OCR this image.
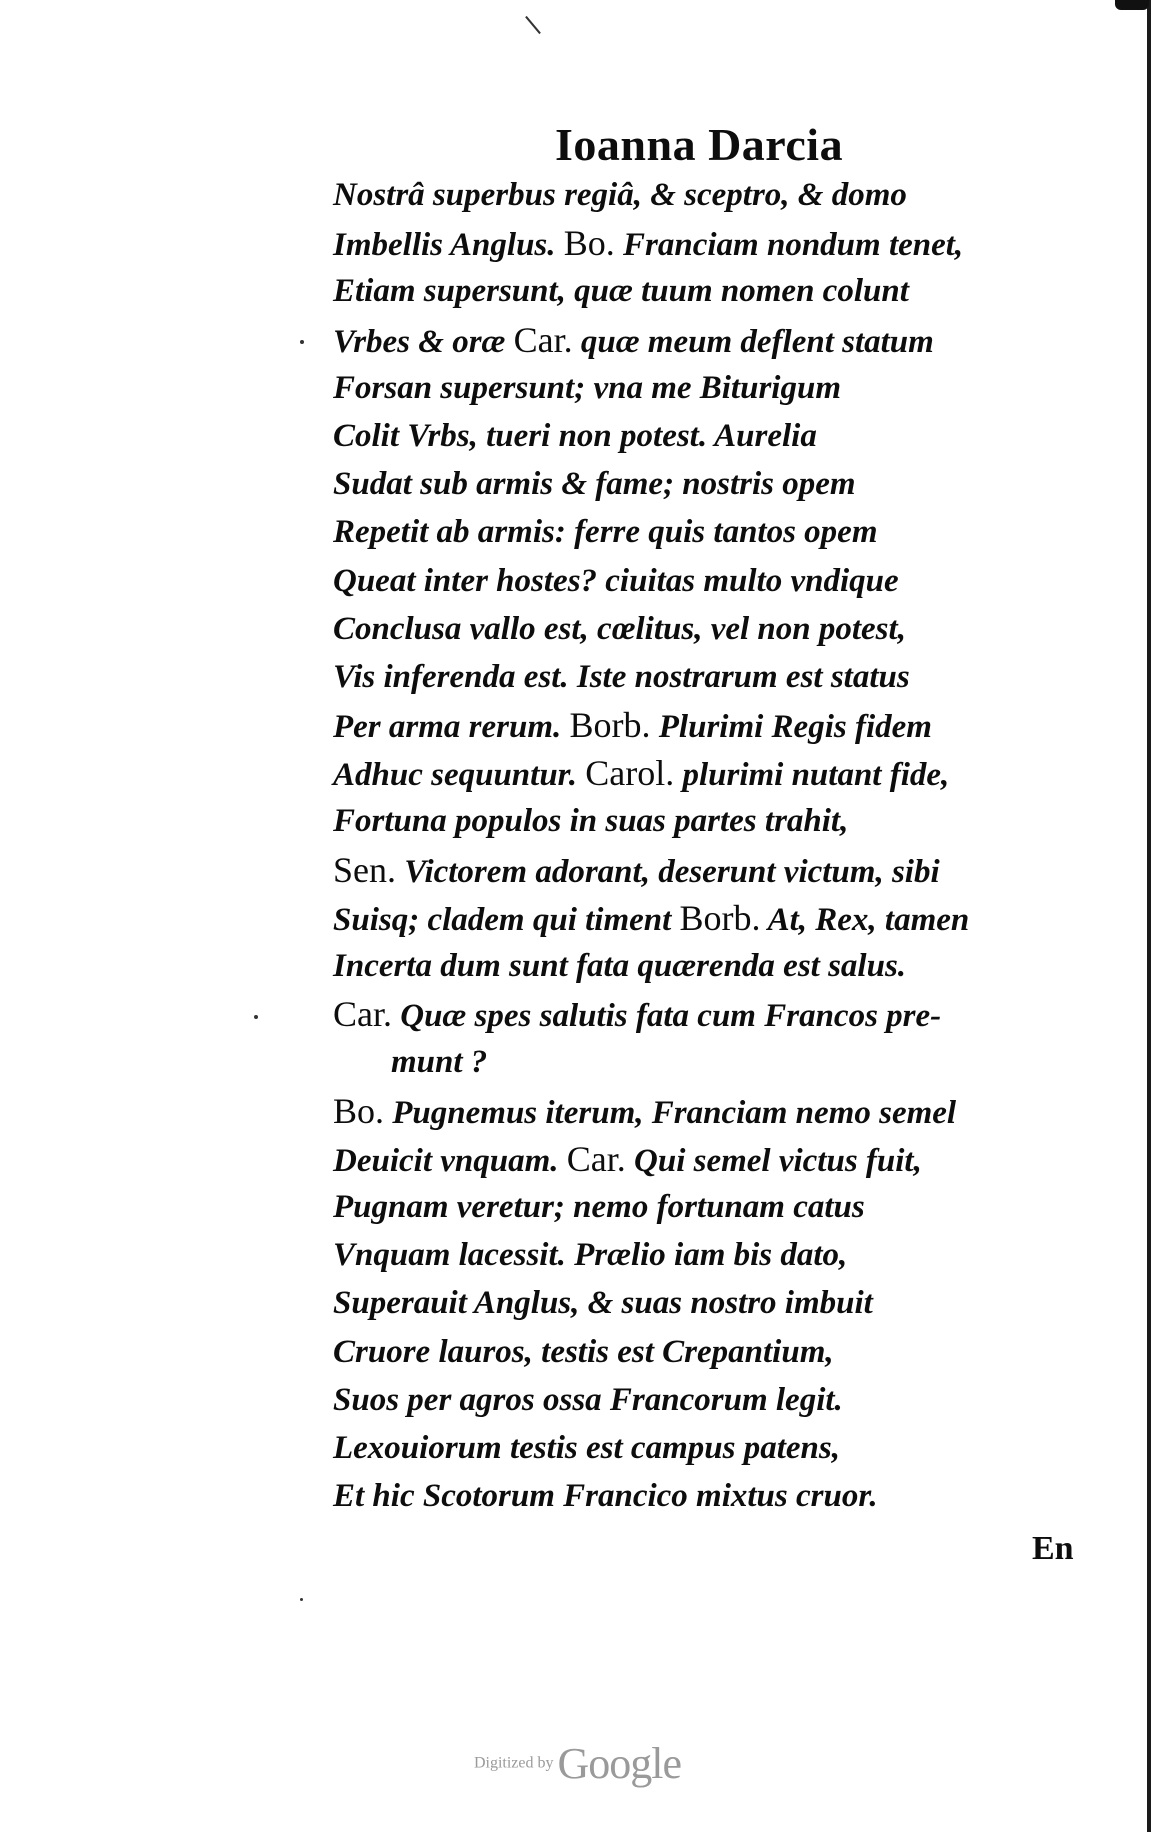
Ioanna Darcia
Nostrâ superbus regiâ, & sceptro, & domo
Imbellis Anglus. Bo. Franciam nondum tenet,
Etiam supersunt, quæ tuum nomen colunt
Vrbes & oræ Car. quæ meum deflent statum
Forsan supersunt; vna me Biturigum
Colit Vrbs, tueri non potest. Aurelia
Sudat sub armis & fame; nostris opem
Repetit ab armis: ferre quis tantos opem
Queat inter hostes? ciuitas multo vndique
Conclusa vallo est, cœlitus, vel non potest,
Vis inferenda est. Iste nostrarum est status
Per arma rerum. Borb. Plurimi Regis fidem
Adhuc sequuntur. Carol. plurimi nutant fide,
Fortuna populos in suas partes trahit,
Sen. Victorem adorant, deserunt victum, sibi
Suisq; cladem qui timent Borb. At, Rex, tamen
Incerta dum sunt fata quærenda est salus.
Car. Quæ spes salutis fata cum Francos pre-
munt ?
Bo. Pugnemus iterum, Franciam nemo semel
Deuicit vnquam. Car. Qui semel victus fuit,
Pugnam veretur; nemo fortunam catus
Vnquam lacessit. Prælio iam bis dato,
Superauit Anglus, & suas nostro imbuit
Cruore lauros, testis est Crepantium,
Suos per agros ossa Francorum legit.
Lexouiorum testis est campus patens,
Et hic Scotorum Francico mixtus cruor.
En
Digitized by Google
